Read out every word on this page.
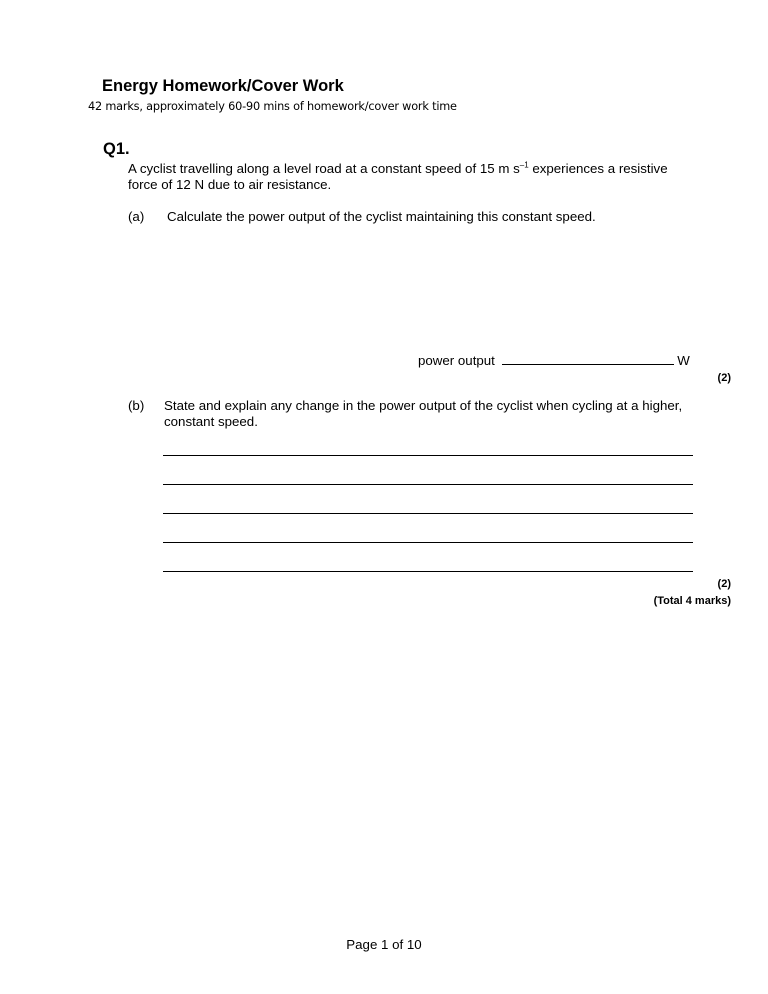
Energy Homework/Cover Work
42 marks, approximately 60-90 mins of homework/cover work time
Q1.
A cyclist travelling along a level road at a constant speed of 15 m $s^{-1}$ experiences a resistive force of 12 N due to air resistance.
(a) Calculate the power output of the cyclist maintaining this constant speed.
power output	W
(2)
(b) State and explain any change in the power output of the cyclist when cycling at a higher, constant speed.
(2)
(Total 4 marks)
Page 1 of 10
